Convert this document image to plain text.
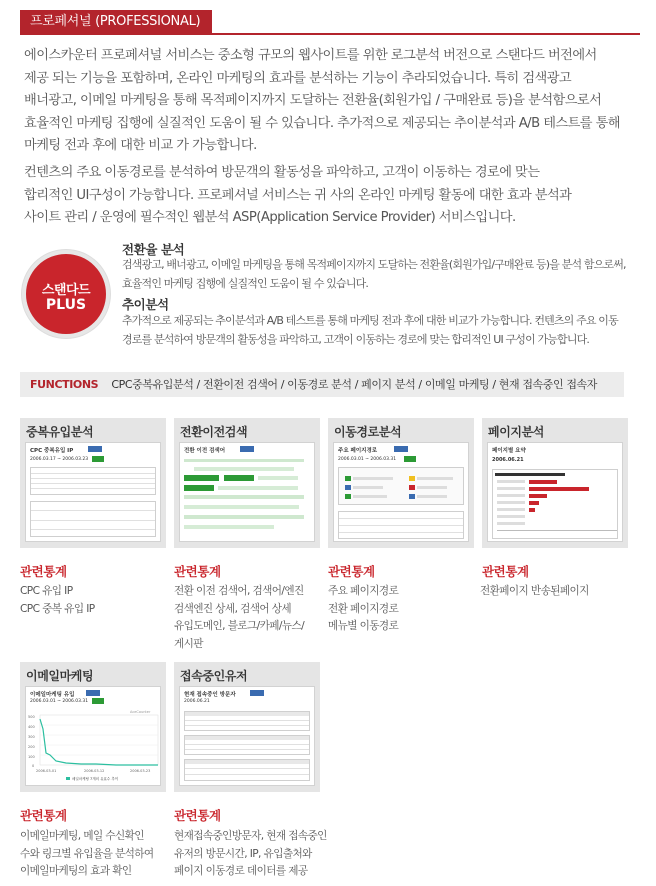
프로페셔널 (PROFESSIONAL)
에이스카운터 프로페셔널 서비스는 중소형 규모의 웹사이트를 위한 로그분석 버전으로 스탠다드 버전에서
제공 되는 기능을 포함하며, 온라인 마케팅의 효과를 분석하는 기능이 추라되었습니다. 특히 검색광고
배너광고, 이메일 마케팅을 통해 목적페이지까지 도달하는 전환율(회원가입 / 구매완료 등)을 분석함으로서
효율적인 마케팅 집행에 실질적인 도움이 될 수 있습니다. 추가적으로 제공되는 추이분석과 A/B 테스트를 통해
마케팅 전과 후에 대한 비교 가 가능합니다.
컨텐츠의 주요 이동경로를 분석하여 방문객의 활동성을 파악하고, 고객이 이동하는 경로에 맞는
합리적인 UI구성이 가능합니다. 프로페셔널 서비스는 귀 사의 온라인 마케팅 활동에 대한 효과 분석과
사이트 관리 / 운영에 필수적인 웹분석 ASP(Application Service Provider) 서비스입니다.
스탠다드
PLUS
전환율 분석
검색광고, 배너광고, 이메일 마케팅을 통해 목적페이지까지 도달하는 전환율(회원가입/구매완료 등)을 분석 함으로써,
효율적인 마케팅 집행에 실질적인 도움이 될 수 있습니다.
추이분석
추가적으로 제공되는 추이분석과 A/B 테스트를 통해 마케팅 전과 후에 대한 비교가 가능합니다. 컨텐츠의 주요 이동
경로를 분석하여 방문객의 활동성을 파악하고, 고객이 이동하는 경로에 맞는 합리적인 UI 구성이 가능합니다.
FUNCTIONS CPC중복유입분석 / 전환이전 검색어 / 이동경로 분석 / 페이지 분석 / 이메일 마케팅 / 현재 접속중인 접속자
중복유입분석
CPC 중복유입 IP
2006.03.17 ~ 2006.03.23
관련통계
CPC 유입 IP
CPC 중복 유입 IP
전환이전검색
전환 이전 검색어
관련통계
전환 이전 검색어, 검색어/엔진
검색엔진 상세, 검색어 상세
유입도메인, 블로그/카페/뉴스/
게시판
이동경로분석
주요 페이지경로
2006.03.01 ~ 2006.03.31
관련통계
주요 페이지경로
전환 페이지경로
메뉴별 이동경로
페이지분석
페이지별 요약
2006.06.21
관련통계
전환페이지 반송된페이지
이메일마케팅
이메일마케팅 유입
2006.03.01 ~ 2006.03.31
500
400
300
200
100
0
2006-03-01	2006-03-12	2006-03-23
메일마케팅 7개의 유효수 추이
AceCounter
관련통계
이메일마케팅, 메일 수신확인
수와 링크별 유입율을 분석하여
이메일마케팅의 효과 확인
접속중인유저
현재 접속중인 방문자
2006.06.21
관련통계
현재접속중인방문자, 현재 접속중인
유저의 방문시간, IP, 유입출처와
페이지 이동경로 데이터를 제공
